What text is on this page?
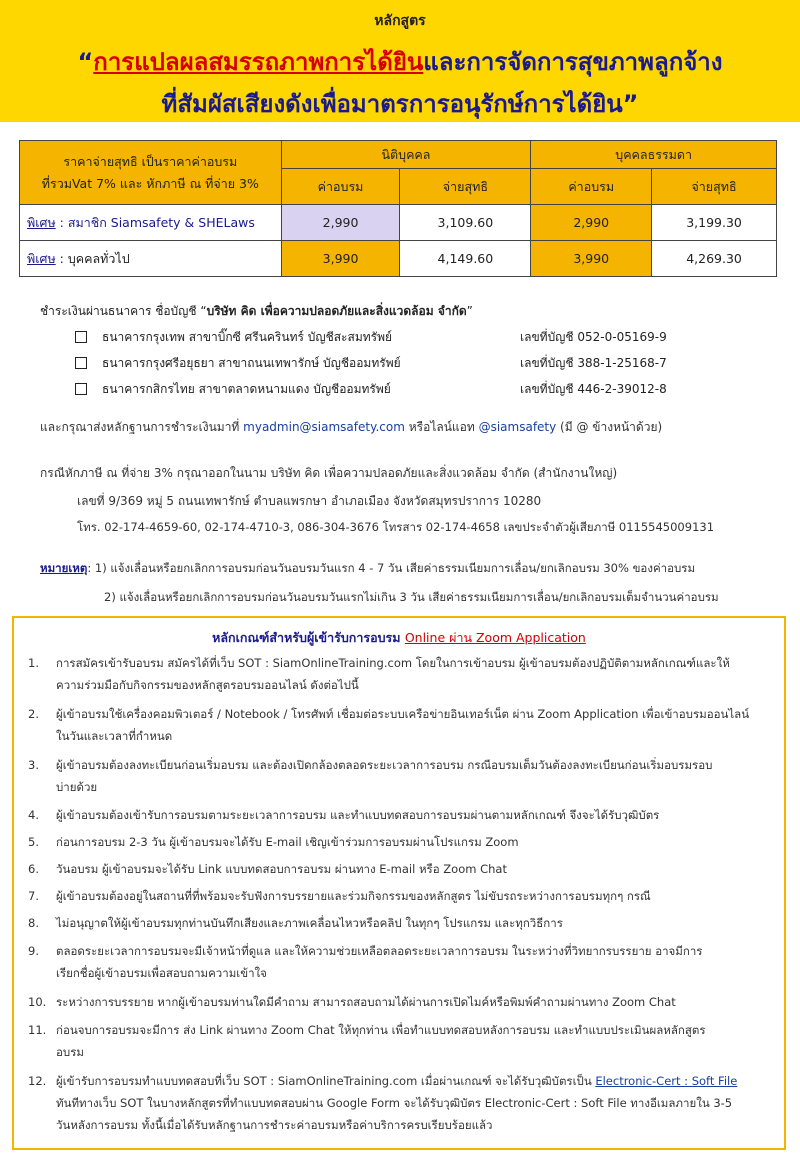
หลักสูตร
“การแปลผลสมรรถภาพการได้ยินและการจัดการสุขภาพลูกจ้าง
ที่สัมผัสเสียงดังเพื่อมาตรการอนุรักษ์การได้ยิน”
ราคาจ่ายสุทธิ เป็นราคาค่าอบรม
ที่รวมVat 7% และ หักภาษี ณ ที่จ่าย 3%	นิติบุคคล		บุคคลธรรมดา	
	ค่าอบรม	จ่ายสุทธิ	ค่าอบรม	จ่ายสุทธิ
พิเศษ : สมาชิก Siamsafety & SHELaws	2,990	3,109.60	2,990	3,199.30
พิเศษ : บุคคลทั่วไป	3,990	4,149.60	3,990	4,269.30
ชำระเงินผ่านธนาคาร ชื่อบัญชี “บริษัท คิด เพื่อความปลอดภัยและสิ่งแวดล้อม จำกัด”
ธนาคารกรุงเทพ สาขาบิ๊กซี ศรีนครินทร์ บัญชีสะสมทรัพย์	เลขที่บัญชี 052-0-05169-9
ธนาคารกรุงศรีอยุธยา สาขาถนนเทพารักษ์ บัญชีออมทรัพย์	เลขที่บัญชี 388-1-25168-7
ธนาคารกสิกรไทย สาขาตลาดหนามแดง บัญชีออมทรัพย์	เลขที่บัญชี 446-2-39012-8
และกรุณาส่งหลักฐานการชำระเงินมาที่ myadmin@siamsafety.com หรือไลน์แอท @siamsafety (มี @ ข้างหน้าด้วย)
กรณีหักภาษี ณ ที่จ่าย 3% กรุณาออกในนาม บริษัท คิด เพื่อความปลอดภัยและสิ่งแวดล้อม จำกัด (สำนักงานใหญ่)
เลขที่ 9/369 หมู่ 5 ถนนเทพารักษ์ ตำบลแพรกษา อำเภอเมือง จังหวัดสมุทรปราการ 10280
โทร. 02-174-4659-60, 02-174-4710-3, 086-304-3676 โทรสาร 02-174-4658 เลขประจำตัวผู้เสียภาษี 0115545009131
หมายเหตุ: 1) แจ้งเลื่อนหรือยกเลิกการอบรมก่อนวันอบรมวันแรก 4 - 7 วัน เสียค่าธรรมเนียมการเลื่อน/ยกเลิกอบรม 30% ของค่าอบรม
2) แจ้งเลื่อนหรือยกเลิกการอบรมก่อนวันอบรมวันแรกไม่เกิน 3 วัน เสียค่าธรรมเนียมการเลื่อน/ยกเลิกอบรมเต็มจำนวนค่าอบรม
หลักเกณฑ์สำหรับผู้เข้ารับการอบรม Online ผ่าน Zoom Application
1. การสมัครเข้ารับอบรม สมัครได้ที่เว็บ SOT : SiamOnlineTraining.com โดยในการเข้าอบรม ผู้เข้าอบรมต้องปฏิบัติตามหลักเกณฑ์และให้
ความร่วมมือกับกิจกรรมของหลักสูตรอบรมออนไลน์ ดังต่อไปนี้
2. ผู้เข้าอบรมใช้เครื่องคอมพิวเตอร์ / Notebook / โทรศัพท์ เชื่อมต่อระบบเครือข่ายอินเทอร์เน็ต ผ่าน Zoom Application เพื่อเข้าอบรมออนไลน์
ในวันและเวลาที่กำหนด
3. ผู้เข้าอบรมต้องลงทะเบียนก่อนเริ่มอบรม และต้องเปิดกล้องตลอดระยะเวลาการอบรม กรณีอบรมเต็มวันต้องลงทะเบียนก่อนเริ่มอบรมรอบ
บ่ายด้วย
4. ผู้เข้าอบรมต้องเข้ารับการอบรมตามระยะเวลาการอบรม และทำแบบทดสอบการอบรมผ่านตามหลักเกณฑ์ จึงจะได้รับวุฒิบัตร
5. ก่อนการอบรม 2-3 วัน ผู้เข้าอบรมจะได้รับ E-mail เชิญเข้าร่วมการอบรมผ่านโปรแกรม Zoom
6. วันอบรม ผู้เข้าอบรมจะได้รับ Link แบบทดสอบการอบรม ผ่านทาง E-mail หรือ Zoom Chat
7. ผู้เข้าอบรมต้องอยู่ในสถานที่ที่พร้อมจะรับฟังการบรรยายและร่วมกิจกรรมของหลักสูตร ไม่ขับรถระหว่างการอบรมทุกๆ กรณี
8. ไม่อนุญาตให้ผู้เข้าอบรมทุกท่านบันทึกเสียงและภาพเคลื่อนไหวหรือคลิป ในทุกๆ โปรแกรม และทุกวิธีการ
9. ตลอดระยะเวลาการอบรมจะมีเจ้าหน้าที่ดูแล และให้ความช่วยเหลือตลอดระยะเวลาการอบรม ในระหว่างที่วิทยากรบรรยาย อาจมีการ
เรียกชื่อผู้เข้าอบรมเพื่อสอบถามความเข้าใจ
10. ระหว่างการบรรยาย หากผู้เข้าอบรมท่านใดมีคำถาม สามารถสอบถามได้ผ่านการเปิดไมค์หรือพิมพ์คำถามผ่านทาง Zoom Chat
11. ก่อนจบการอบรมจะมีการ ส่ง Link ผ่านทาง Zoom Chat ให้ทุกท่าน เพื่อทำแบบทดสอบหลังการอบรม และทำแบบประเมินผลหลักสูตร
อบรม
12. ผู้เข้ารับการอบรมทำแบบทดสอบที่เว็บ SOT : SiamOnlineTraining.com เมื่อผ่านเกณฑ์ จะได้รับวุฒิบัตรเป็น Electronic-Cert : Soft File
ทันทีทางเว็บ SOT ในบางหลักสูตรที่ทำแบบทดสอบผ่าน Google Form จะได้รับวุฒิบัตร Electronic-Cert : Soft File ทางอีเมลภายใน 3-5
วันหลังการอบรม ทั้งนี้เมื่อได้รับหลักฐานการชำระค่าอบรมหรือค่าบริการครบเรียบร้อยแล้ว
